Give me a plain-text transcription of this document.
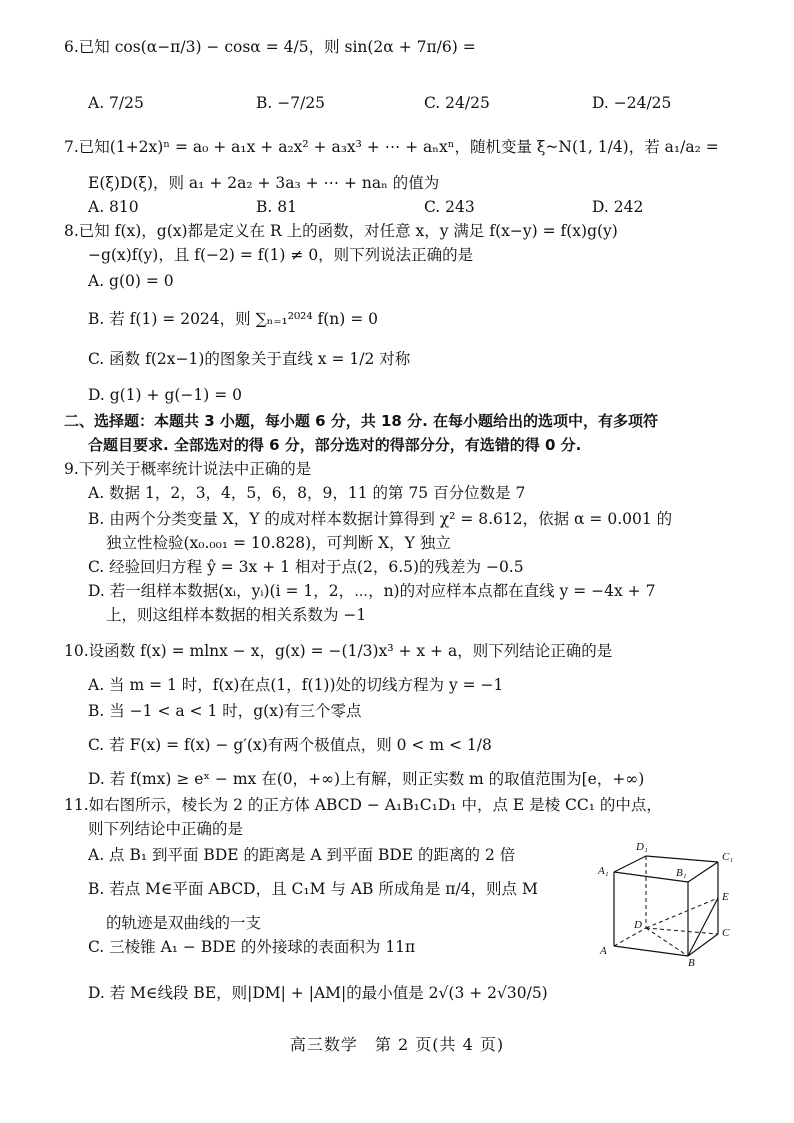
6.已知 cos(α−π/3) − cosα = 4/5，则 sin(2α + 7π/6) =
A. 7/25	B. −7/25	C. 24/25	D. −24/25
7.已知(1+2x)ⁿ = a₀ + a₁x + a₂x² + a₃x³ + ⋯ + aₙxⁿ，随机变量 ξ~N(1, 1/4)，若 a₁/a₂ =
E(ξ)D(ξ)，则 a₁ + 2a₂ + 3a₃ + ⋯ + naₙ 的值为
A. 810	B. 81	C. 243	D. 242
8.已知 f(x)，g(x)都是定义在 R 上的函数，对任意 x，y 满足 f(x−y) = f(x)g(y)
−g(x)f(y)，且 f(−2) = f(1) ≠ 0，则下列说法正确的是
A. g(0) = 0
B. 若 f(1) = 2024，则 ∑ₙ₌₁²⁰²⁴ f(n) = 0
C. 函数 f(2x−1)的图象关于直线 x = 1/2 对称
D. g(1) + g(−1) = 0
二、选择题：本题共 3 小题，每小题 6 分，共 18 分. 在每小题给出的选项中，有多项符
合题目要求. 全部选对的得 6 分，部分选对的得部分分，有选错的得 0 分.
9.下列关于概率统计说法中正确的是
A. 数据 1，2，3，4，5，6，8，9，11 的第 75 百分位数是 7
B. 由两个分类变量 X，Y 的成对样本数据计算得到 χ² = 8.612，依据 α = 0.001 的
独立性检验(x₀.₀₀₁ = 10.828)，可判断 X，Y 独立
C. 经验回归方程 ŷ = 3x + 1 相对于点(2，6.5)的残差为 −0.5
D. 若一组样本数据(xᵢ，yᵢ)(i = 1，2，⋯，n)的对应样本点都在直线 y = −4x + 7
上，则这组样本数据的相关系数为 −1
10.设函数 f(x) = mlnx − x，g(x) = −(1/3)x³ + x + a，则下列结论正确的是
A. 当 m = 1 时，f(x)在点(1，f(1))处的切线方程为 y = −1
B. 当 −1 < a < 1 时，g(x)有三个零点
C. 若 F(x) = f(x) − g′(x)有两个极值点，则 0 < m < 1/8
D. 若 f(mx) ≥ eˣ − mx 在(0，+∞)上有解，则正实数 m 的取值范围为[e，+∞)
11.如右图所示，棱长为 2 的正方体 ABCD − A₁B₁C₁D₁ 中，点 E 是棱 CC₁ 的中点，
则下列结论中正确的是
A. 点 B₁ 到平面 BDE 的距离是 A 到平面 BDE 的距离的 2 倍
B. 若点 M∈平面 ABCD，且 C₁M 与 AB 所成角是 π/4，则点 M
的轨迹是双曲线的一支
C. 三棱锥 A₁ − BDE 的外接球的表面积为 11π
D. 若 M∈线段 BE，则|DM| + |AM|的最小值是 2√(3 + 2√30/5)
D₁
C₁
A₁	B₁
E
D
C
A
B
高三数学　第 2 页(共 4 页)
